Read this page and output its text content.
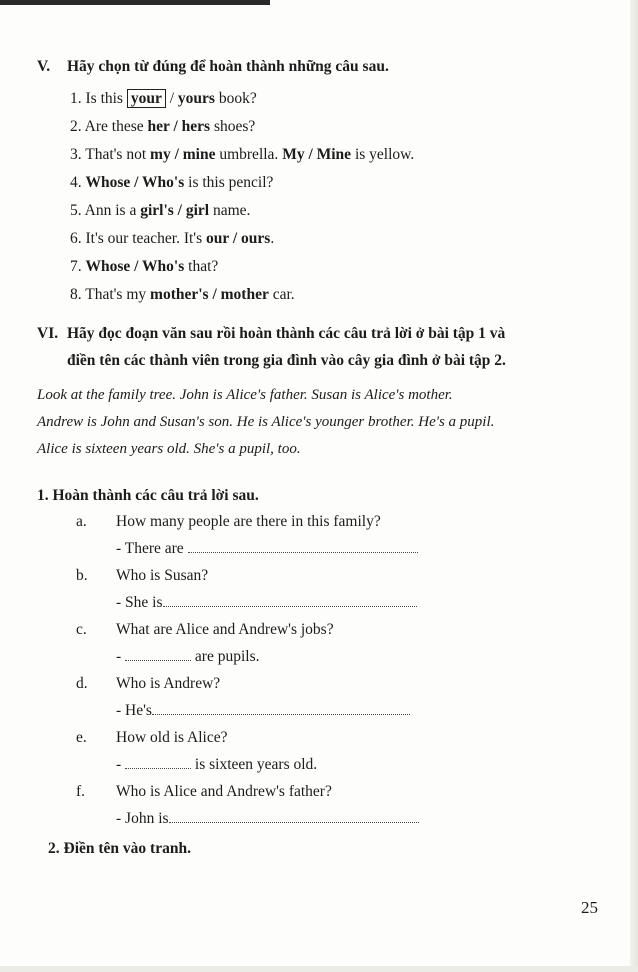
V. Hãy chọn từ đúng để hoàn thành những câu sau.
1. Is this your / yours book?
2. Are these her / hers shoes?
3. That's not my / mine umbrella. My / Mine is yellow.
4. Whose / Who's is this pencil?
5. Ann is a girl's / girl name.
6. It's our teacher. It's our / ours.
7. Whose / Who's that?
8. That's my mother's / mother car.
VI. Hãy đọc đoạn văn sau rồi hoàn thành các câu trả lời ở bài tập 1 và
điền tên các thành viên trong gia đình vào cây gia đình ở bài tập 2.
Look at the family tree. John is Alice's father. Susan is Alice's mother.
Andrew is John and Susan's son. He is Alice's younger brother. He's a pupil.
Alice is sixteen years old. She's a pupil, too.
1. Hoàn thành các câu trả lời sau.
a. How many people are there in this family?
- There are
b. Who is Susan?
- She is
c. What are Alice and Andrew's jobs?
-	are pupils.
d. Who is Andrew?
- He's
e. How old is Alice?
-	is sixteen years old.
f. Who is Alice and Andrew's father?
- John is
2. Điền tên vào tranh.
25
